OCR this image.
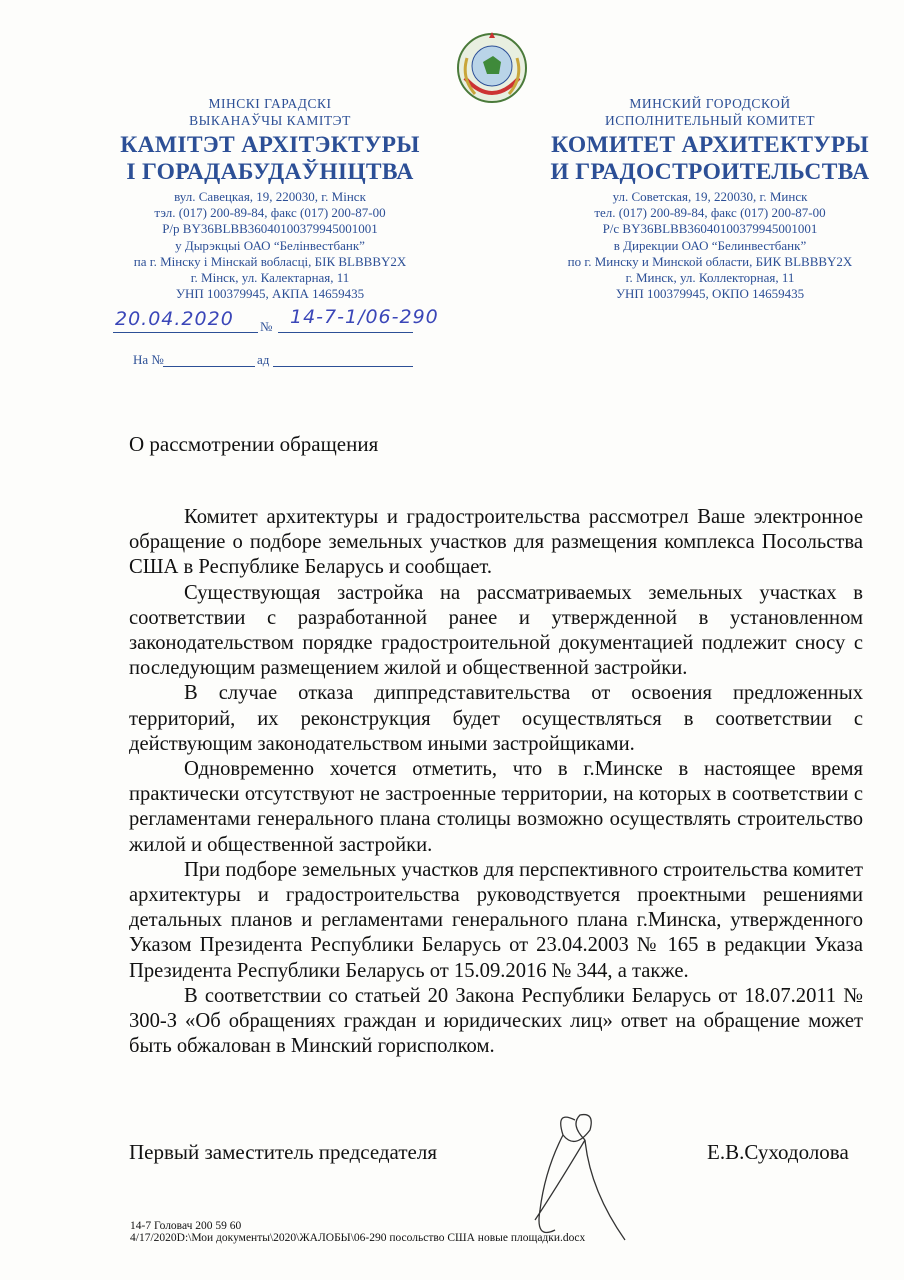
МІНСКІ ГАРАДСКІ
ВЫКАНАЎЧЫ КАМІТЭТ
КАМІТЭТ АРХІТЭКТУРЫ
І ГОРАДАБУДАЎНІЦТВА
вул. Савецкая, 19, 220030, г. Мінск
тэл. (017) 200-89-84, факс (017) 200-87-00
Р/р BY36BLBB36040100379945001001
у Дырэкцыі ОАО “Белінвестбанк”
па г. Мінску і Мінскай вобласці, БІК BLBBBY2X
г. Мінск, ул. Калектарная, 11
УНП 100379945, АКПА 14659435
МИНСКИЙ ГОРОДСКОЙ
ИСПОЛНИТЕЛЬНЫЙ КОМИТЕТ
КОМИТЕТ АРХИТЕКТУРЫ
И ГРАДОСТРОИТЕЛЬСТВА
ул. Советская, 19, 220030, г. Минск
тел. (017) 200-89-84, факс (017) 200-87-00
Р/с BY36BLBB36040100379945001001
в Дирекции ОАО “Белинвестбанк”
по г. Минску и Минской области, БИК BLBBBY2X
г. Минск, ул. Коллекторная, 11
УНП 100379945, ОКПО 14659435
20.04.2020 № 14-7-1/06-290
На №	ад
О рассмотрении обращения

Комитет архитектуры и градостроительства рассмотрел Ваше электронное обращение о подборе земельных участков для размещения комплекса Посольства США в Республике Беларусь и сообщает.

Существующая застройка на рассматриваемых земельных участках в соответствии с разработанной ранее и утвержденной в установленном законодательством порядке градостроительной документацией подлежит сносу с последующим размещением жилой и общественной застройки.

В случае отказа диппредставительства от освоения предложенных территорий, их реконструкция будет осуществляться в соответствии с действующим законодательством иными застройщиками.

Одновременно хочется отметить, что в г.Минске в настоящее время практически отсутствуют не застроенные территории, на которых в соответствии с регламентами генерального плана столицы возможно осуществлять строительство жилой и общественной застройки.

При подборе земельных участков для перспективного строительства комитет архитектуры и градостроительства руководствуется проектными решениями детальных планов и регламентами генерального плана г.Минска, утвержденного Указом Президента Республики Беларусь от 23.04.2003 № 165 в редакции Указа Президента Республики Беларусь от 15.09.2016 № 344, а также.

В соответствии со статьей 20 Закона Республики Беларусь от 18.07.2011 № 300-З «Об обращениях граждан и юридических лиц» ответ на обращение может быть обжалован в Минский горисполком.

Первый заместитель председателя	Е.В.Суходолова
14-7 Головач 200 59 60
4/17/2020D:\Мои документы\2020\ЖАЛОБЫ\06-290 посольство США новые площадки.docx
